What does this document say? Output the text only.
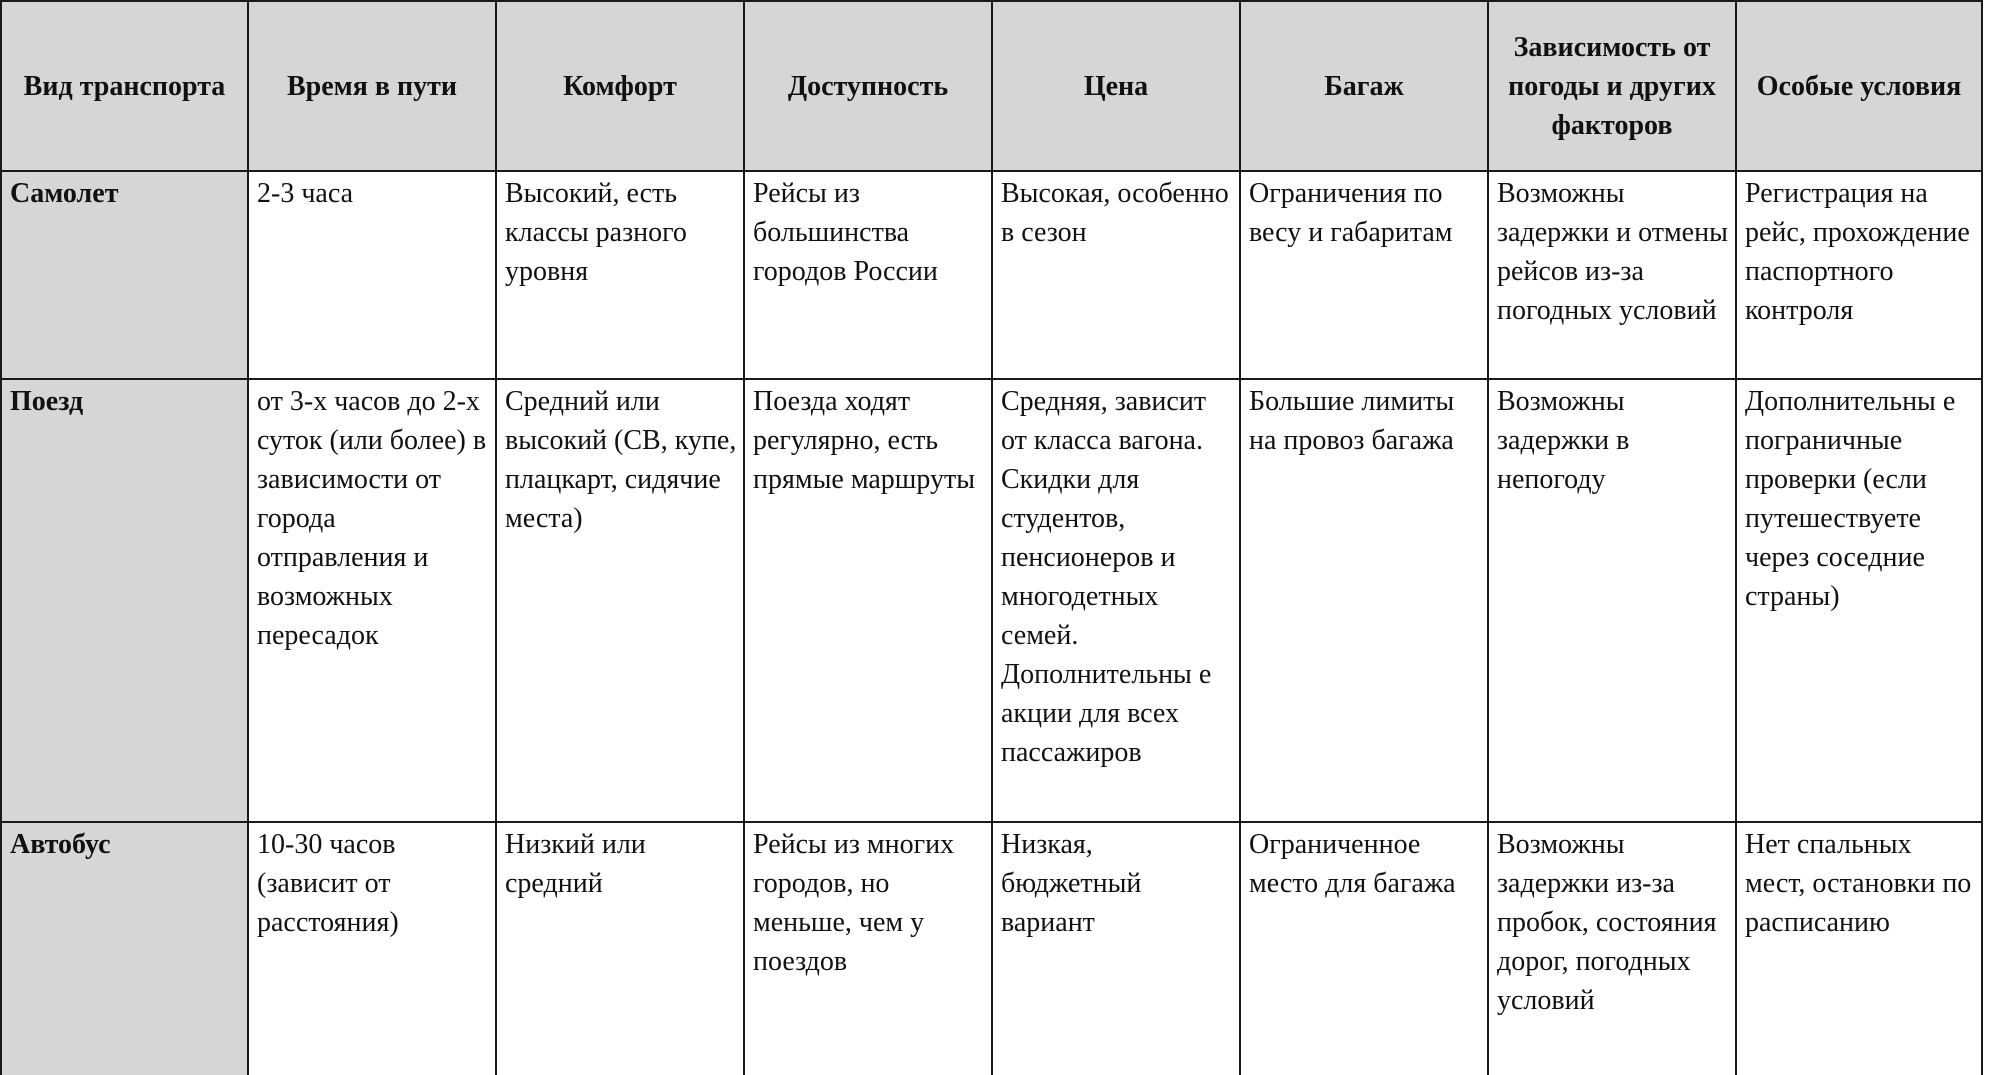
Вид транспорта	Время в пути	Комфорт	Доступность	Цена	Багаж	Зависимость от погоды и других факторов	Особые условия
Самолет	2-3 часа	Высокий, есть классы разного уровня	Рейсы из большинства городов России	Высокая, особенно в сезон	Ограничения по весу и габаритам	Возможны задержки и отмены рейсов из-за погодных условий	Регистрация на рейс, прохождение паспортного контроля
Поезд	от 3-х часов до 2-х суток (или более) в зависимости от города отправления и возможных пересадок	Средний или высокий (СВ, купе, плацкарт, сидячие места)	Поезда ходят регулярно, есть прямые маршруты	Средняя, зависит от класса вагона. Скидки для студентов, пенсионеров и многодетных семей. Дополнительны е акции для всех пассажиров	Большие лимиты на провоз багажа	Возможны задержки в непогоду	Дополнительны е пограничные проверки (если путешествуете через соседние страны)
Автобус	10-30 часов (зависит от расстояния)	Низкий или средний	Рейсы из многих городов, но меньше, чем у поездов	Низкая, бюджетный вариант	Ограниченное место для багажа	Возможны задержки из-за пробок, состояния дорог, погодных условий	Нет спальных мест, остановки по расписанию
